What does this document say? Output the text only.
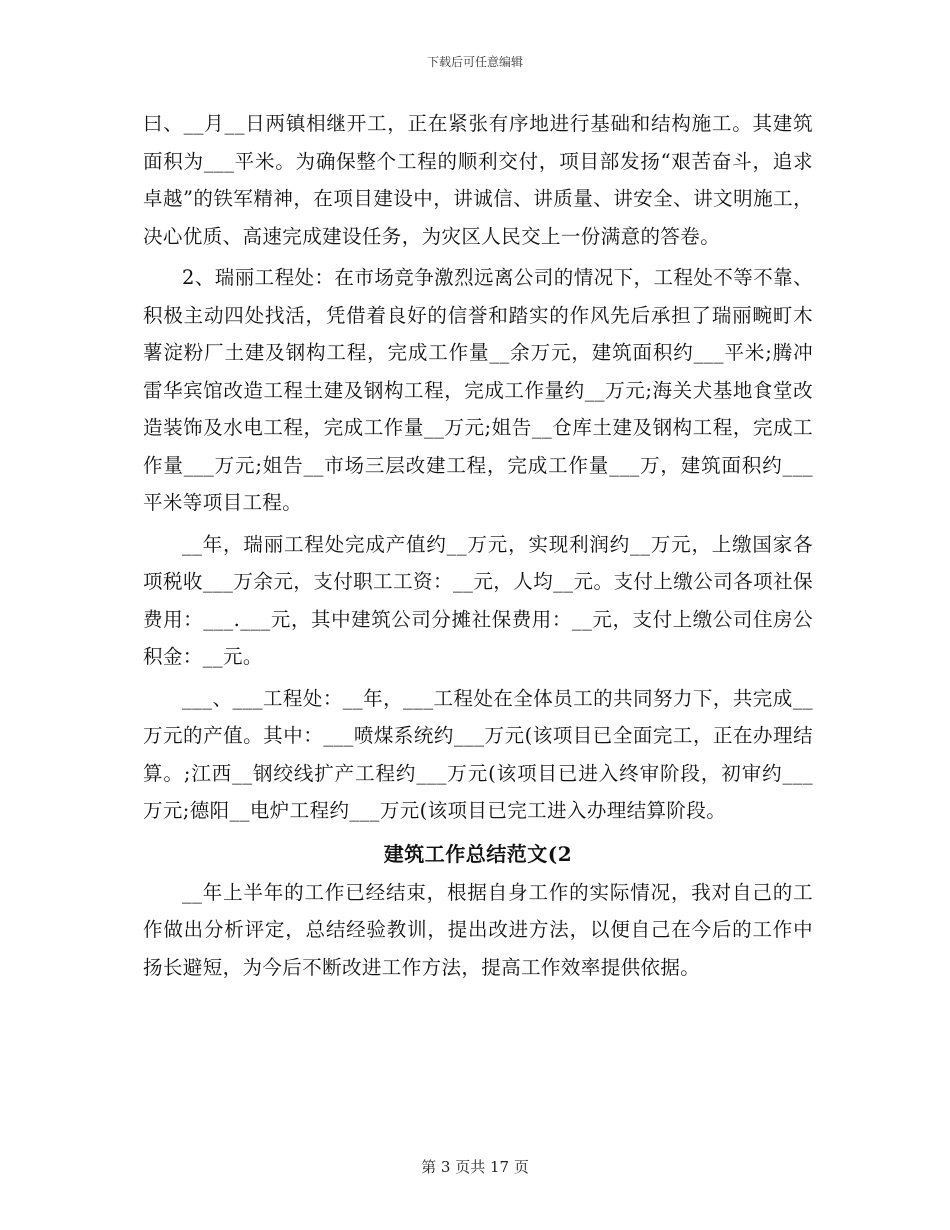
下载后可任意编辑

曰、__月__日两镇相继开工，正在紧张有序地进行基础和结构施工。其建筑面积为___平米。为确保整个工程的顺利交付，项目部发扬“艰苦奋斗，追求卓越”的铁军精神，在项目建设中，讲诚信、讲质量、讲安全、讲文明施工，决心优质、高速完成建设任务，为灾区人民交上一份满意的答卷。

2、瑞丽工程处：在市场竞争激烈远离公司的情况下，工程处不等不靠、积极主动四处找活，凭借着良好的信誉和踏实的作风先后承担了瑞丽畹町木薯淀粉厂土建及钢构工程，完成工作量__余万元，建筑面积约___平米;腾冲雷华宾馆改造工程土建及钢构工程，完成工作量约__万元;海关犬基地食堂改造装饰及水电工程，完成工作量__万元;姐告__仓库土建及钢构工程，完成工作量___万元;姐告__市场三层改建工程，完成工作量___万，建筑面积约___平米等项目工程。

__年，瑞丽工程处完成产值约__万元，实现利润约__万元，上缴国家各项税收___万余元，支付职工工资：__元，人均__元。支付上缴公司各项社保费用：___.___元，其中建筑公司分摊社保费用：__元，支付上缴公司住房公积金：__元。

___、___工程处：__年，___工程处在全体员工的共同努力下，共完成__万元的产值。其中：___喷煤系统约___万元(该项目已全面完工，正在办理结算。;江西__钢绞线扩产工程约___万元(该项目已进入终审阶段，初审约___万元;德阳__电炉工程约___万元(该项目已完工进入办理结算阶段。

建筑工作总结范文(2

__年上半年的工作已经结束，根据自身工作的实际情况，我对自己的工作做出分析评定，总结经验教训，提出改进方法，以便自己在今后的工作中扬长避短，为今后不断改进工作方法，提高工作效率提供依据。

第 3 页共 17 页
